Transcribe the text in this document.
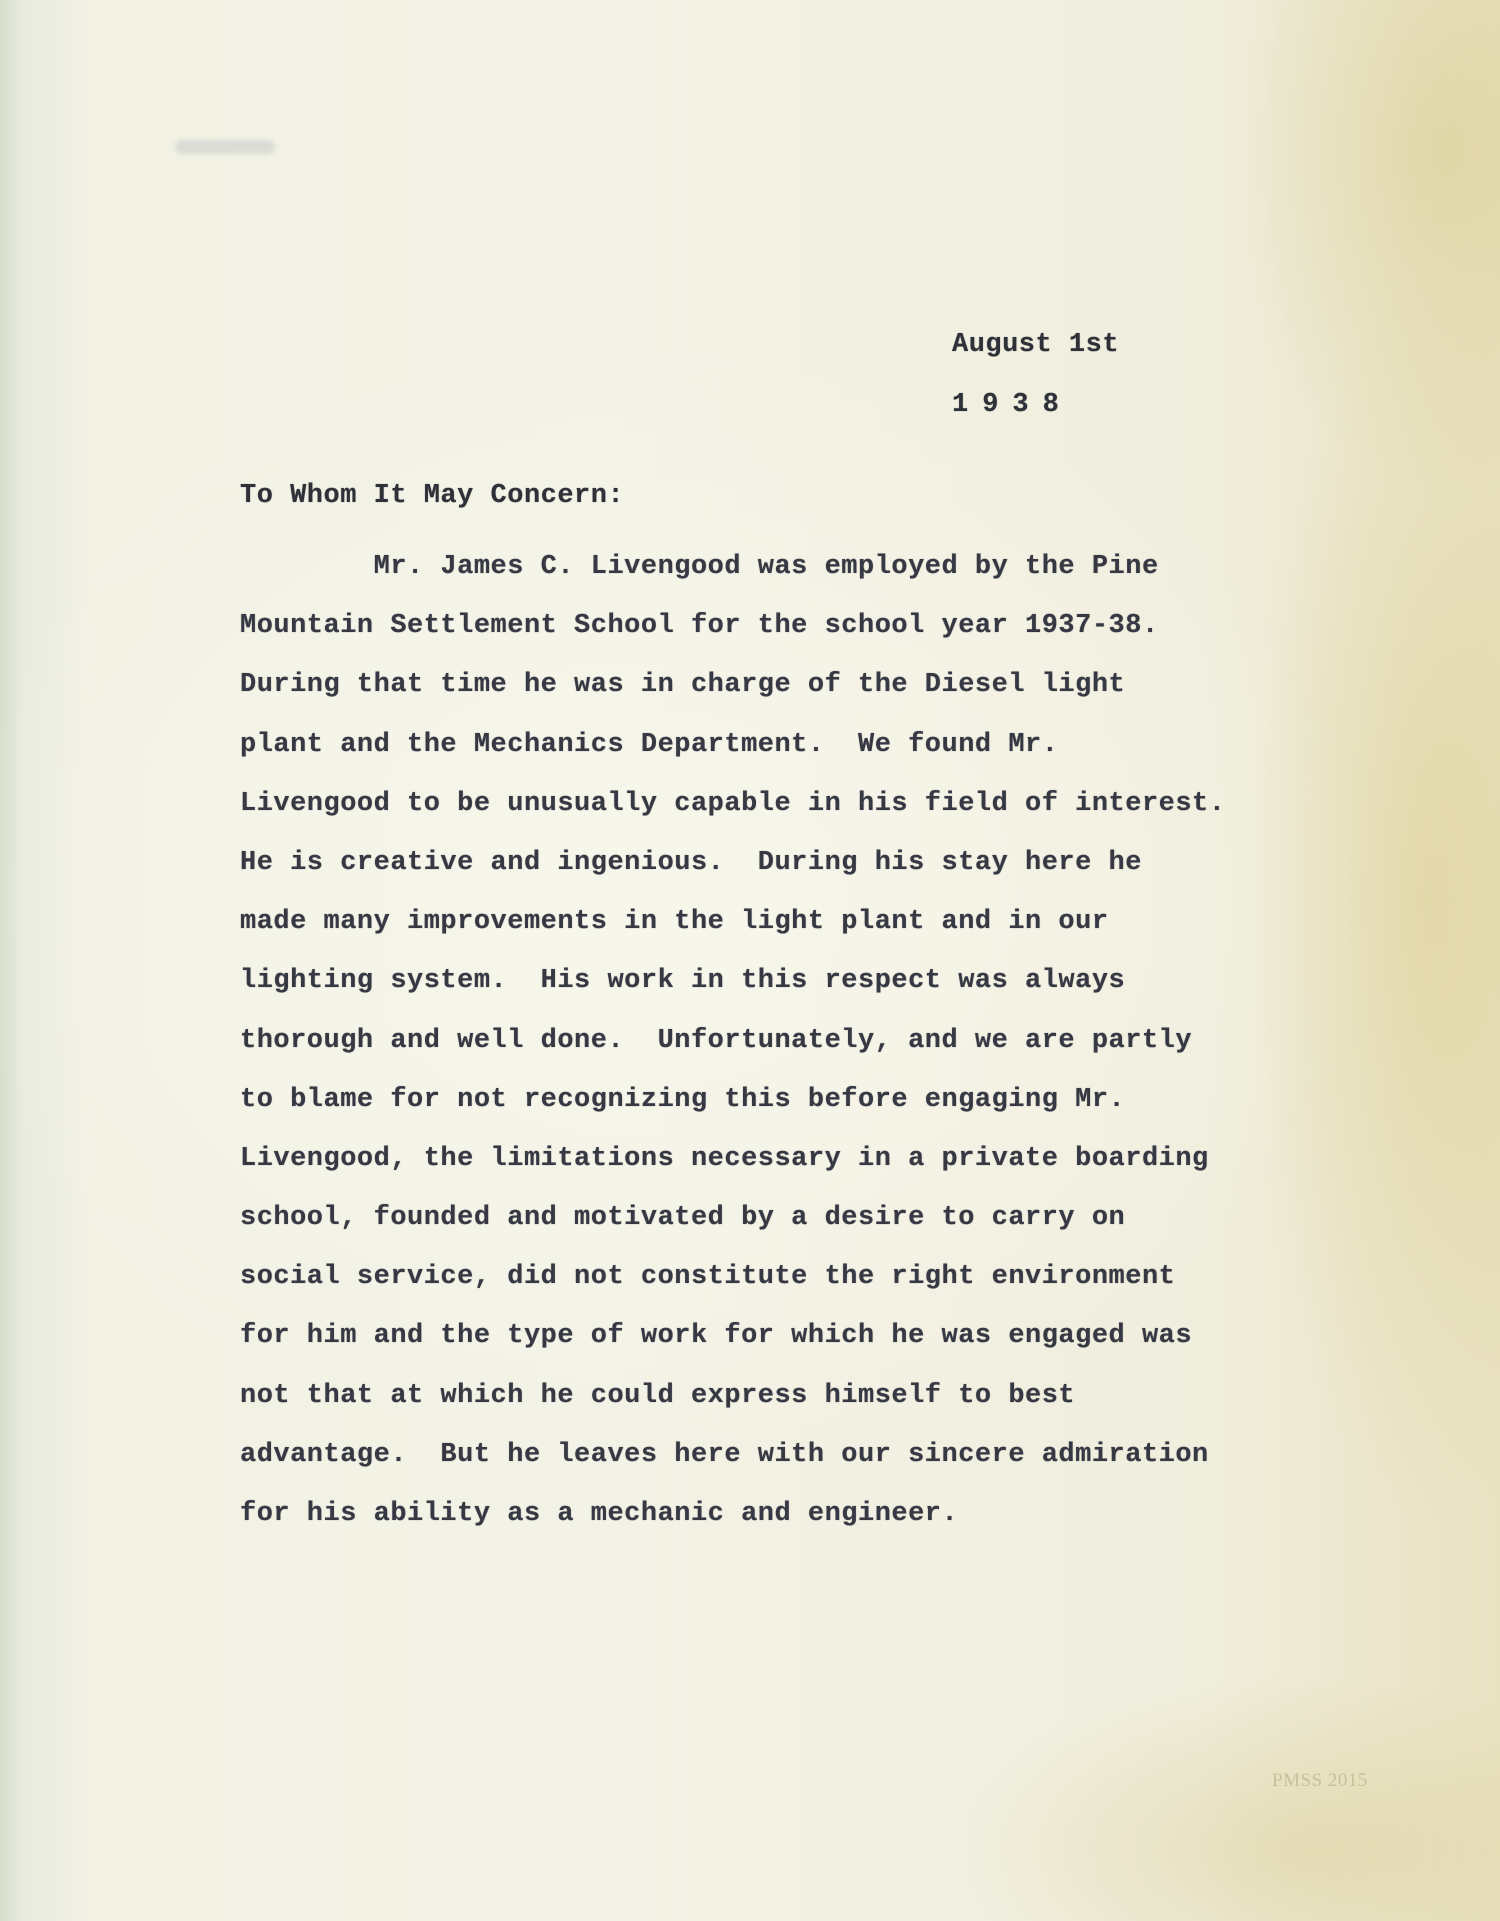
August 1st
1938
To Whom It May Concern:
Mr. James C. Livengood was employed by the Pine
Mountain Settlement School for the school year 1937-38.
During that time he was in charge of the Diesel light
plant and the Mechanics Department.  We found Mr.
Livengood to be unusually capable in his field of interest.
He is creative and ingenious.  During his stay here he
made many improvements in the light plant and in our
lighting system.  His work in this respect was always
thorough and well done.  Unfortunately, and we are partly
to blame for not recognizing this before engaging Mr.
Livengood, the limitations necessary in a private boarding
school, founded and motivated by a desire to carry on
social service, did not constitute the right environment
for him and the type of work for which he was engaged was
not that at which he could express himself to best
advantage.  But he leaves here with our sincere admiration
for his ability as a mechanic and engineer.
PMSS 2015
